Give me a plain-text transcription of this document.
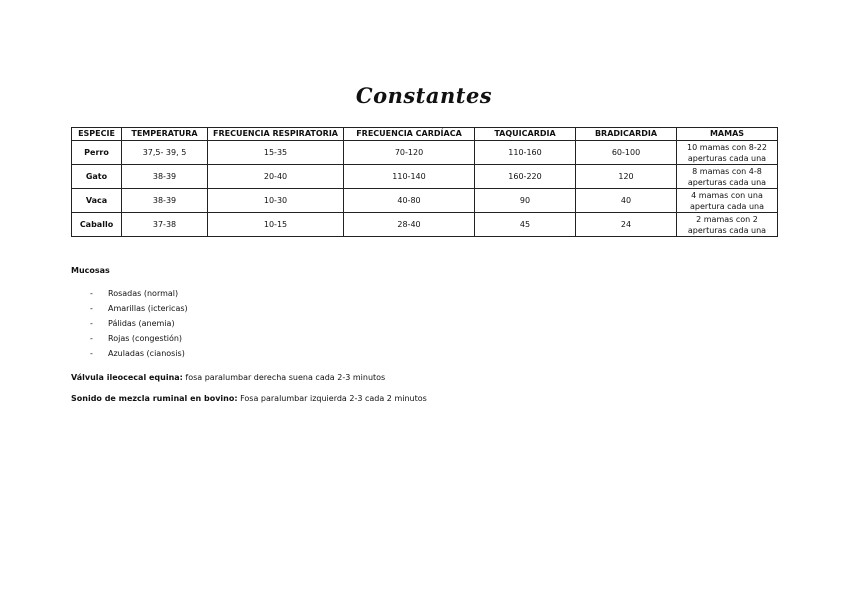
Constantes
ESPECIE	TEMPERATURA	FRECUENCIA RESPIRATORIA	FRECUENCIA CARDÍACA	TAQUICARDIA	BRADICARDIA	MAMAS
Perro	37,5- 39, 5	15-35	70-120	110-160	60-100	10 mamas con 8-22 aperturas cada una
Gato	38-39	20-40	110-140	160-220	120	8 mamas con 4-8 aperturas cada una
Vaca	38-39	10-30	40-80	90	40	4 mamas con una apertura cada una
Caballo	37-38	10-15	28-40	45	24	2 mamas con 2 aperturas cada una
Mucosas
- Rosadas (normal)
- Amarillas (ictericas)
- Pálidas (anemia)
- Rojas (congestión)
- Azuladas (cianosis)
Válvula ileocecal equina: fosa paralumbar derecha suena cada 2-3 minutos
Sonido de mezcla ruminal en bovino: Fosa paralumbar izquierda 2-3 cada 2 minutos
